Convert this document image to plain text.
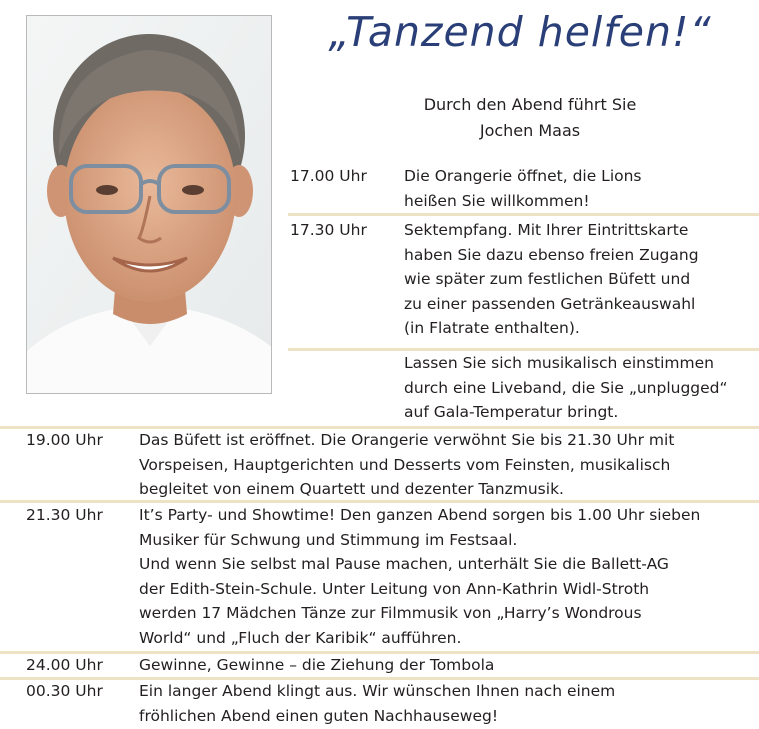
„Tanzend helfen!“
Durch den Abend führt Sie
Jochen Maas
17.00 Uhr Die Orangerie öffnet, die Lions

heißen Sie willkommen!

17.30 Uhr Sektempfang. Mit Ihrer Eintrittskarte

haben Sie dazu ebenso freien Zugang

wie später zum festlichen Büfett und

zu einer passenden Getränkeauswahl

(in Flatrate enthalten).

Lassen Sie sich musikalisch einstimmen

durch eine Liveband, die Sie „unplugged“

auf Gala-Temperatur bringt.

19.00 Uhr Das Büfett ist eröffnet. Die Orangerie verwöhnt Sie bis 21.30 Uhr mit

Vorspeisen, Hauptgerichten und Desserts vom Feinsten, musikalisch

begleitet von einem Quartett und dezenter Tanzmusik.

21.30 Uhr It’s Party- und Showtime! Den ganzen Abend sorgen bis 1.00 Uhr sieben

Musiker für Schwung und Stimmung im Festsaal.

Und wenn Sie selbst mal Pause machen, unterhält Sie die Ballett-AG

der Edith-Stein-Schule. Unter Leitung von Ann-Kathrin Widl-Stroth

werden 17 Mädchen Tänze zur Filmmusik von „Harry’s Wondrous

World“ und „Fluch der Karibik“ aufführen.

24.00 Uhr Gewinne, Gewinne – die Ziehung der Tombola

00.30 Uhr Ein langer Abend klingt aus. Wir wünschen Ihnen nach einem

fröhlichen Abend einen guten Nachhauseweg!
